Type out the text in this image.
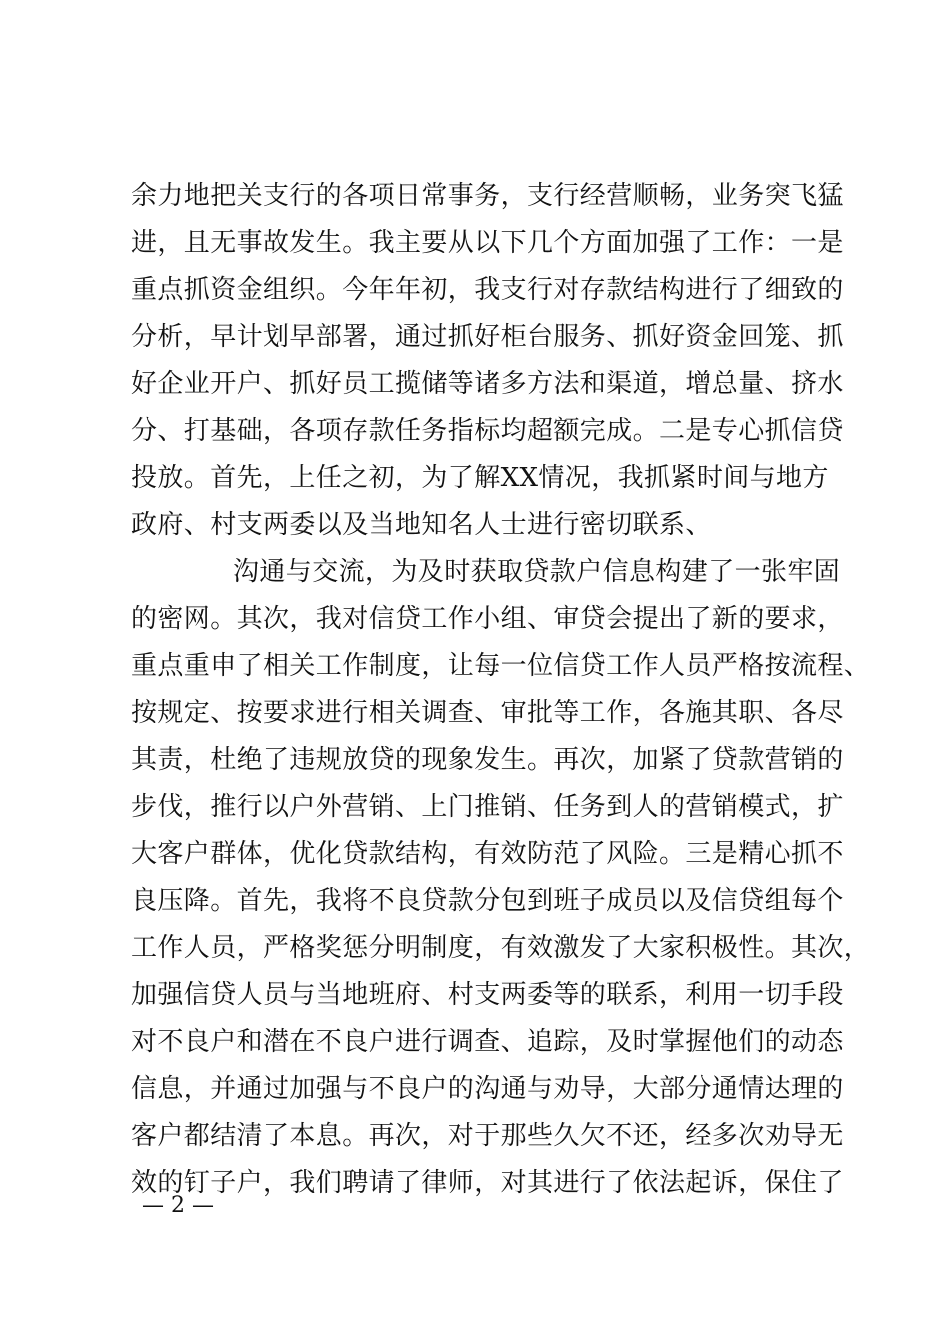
余力地把关支行的各项日常事务，支行经营顺畅，业务突飞猛
进，且无事故发生。我主要从以下几个方面加强了工作：一是
重点抓资金组织。今年年初，我支行对存款结构进行了细致的
分析，早计划早部署，通过抓好柜台服务、抓好资金回笼、抓
好企业开户、抓好员工揽储等诸多方法和渠道，增总量、挤水
分、打基础，各项存款任务指标均超额完成。二是专心抓信贷
投放。首先，上任之初，为了解XX情况，我抓紧时间与地方
政府、村支两委以及当地知名人士进行密切联系、
沟通与交流，为及时获取贷款户信息构建了一张牢固
的密网。其次，我对信贷工作小组、审贷会提出了新的要求，
重点重申了相关工作制度，让每一位信贷工作人员严格按流程、
按规定、按要求进行相关调查、审批等工作，各施其职、各尽
其责，杜绝了违规放贷的现象发生。再次，加紧了贷款营销的
步伐，推行以户外营销、上门推销、任务到人的营销模式，扩
大客户群体，优化贷款结构，有效防范了风险。三是精心抓不
良压降。首先，我将不良贷款分包到班子成员以及信贷组每个
工作人员，严格奖惩分明制度，有效激发了大家积极性。其次，
加强信贷人员与当地班府、村支两委等的联系，利用一切手段
对不良户和潜在不良户进行调查、追踪，及时掌握他们的动态
信息，并通过加强与不良户的沟通与劝导，大部分通情达理的
客户都结清了本息。再次，对于那些久欠不还，经多次劝导无
效的钉子户，我们聘请了律师，对其进行了依法起诉，保住了
— 2 —
